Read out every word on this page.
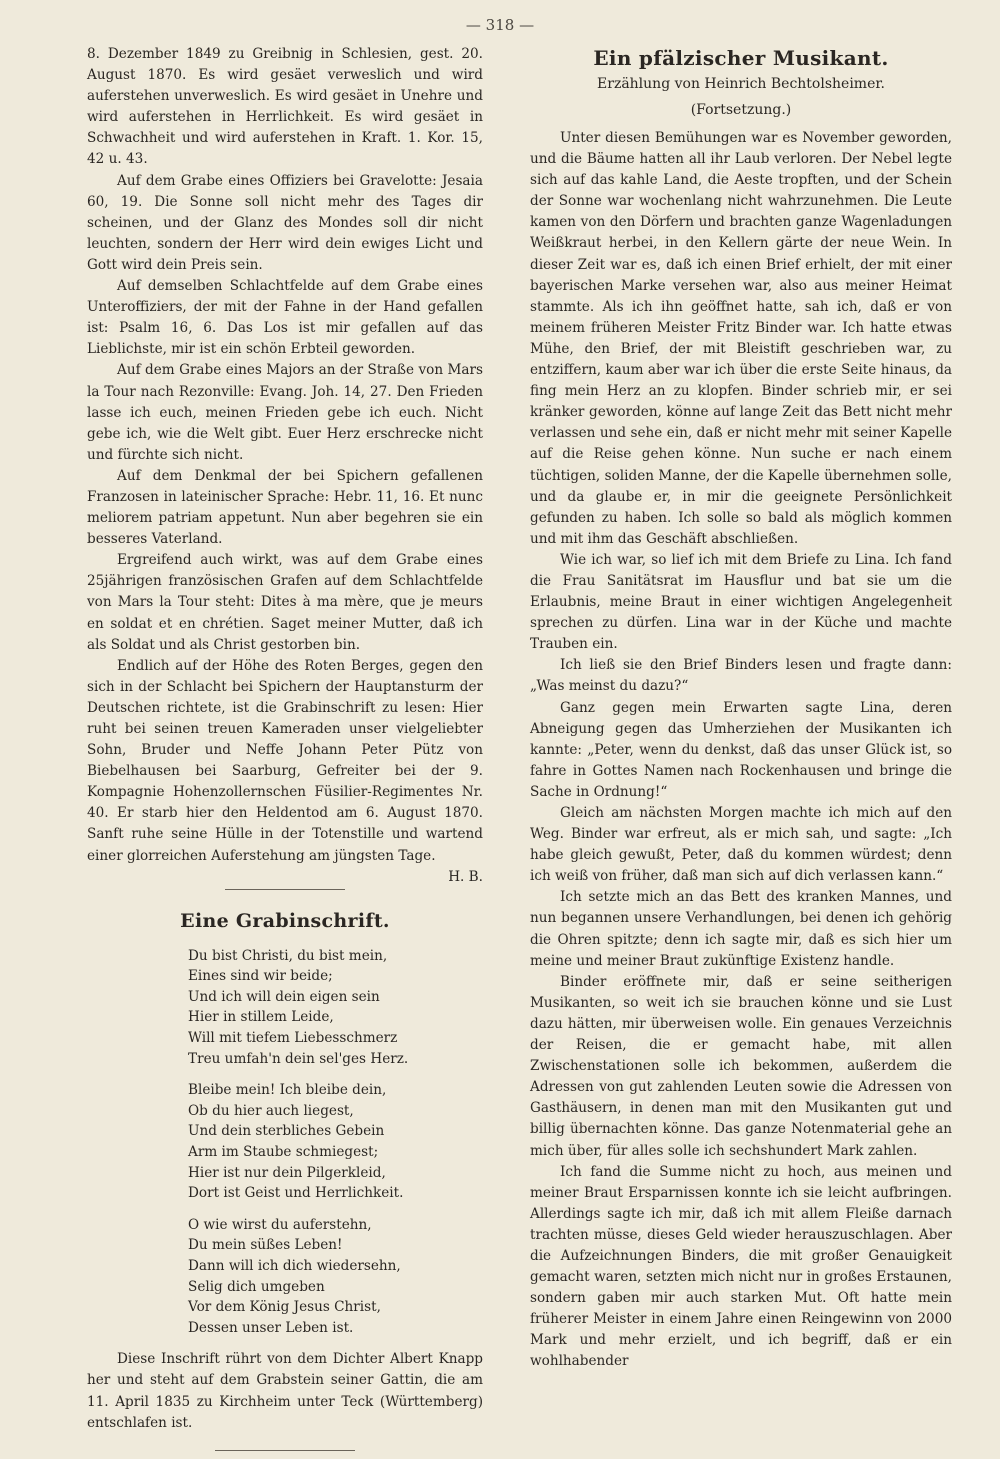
— 318 —

8. Dezember 1849 zu Greibnig in Schlesien, gest. 20. August 1870. Es wird gesäet verweslich und wird auferstehen unverweslich. Es wird gesäet in Unehre und wird auferstehen in Herrlichkeit. Es wird gesäet in Schwachheit und wird auferstehen in Kraft. 1. Kor. 15, 42 u. 43.

Auf dem Grabe eines Offiziers bei Gravelotte: Jesaia 60, 19. Die Sonne soll nicht mehr des Tages dir scheinen, und der Glanz des Mondes soll dir nicht leuchten, sondern der Herr wird dein ewiges Licht und Gott wird dein Preis sein.

Auf demselben Schlachtfelde auf dem Grabe eines Unteroffiziers, der mit der Fahne in der Hand gefallen ist: Psalm 16, 6. Das Los ist mir gefallen auf das Lieblichste, mir ist ein schön Erbteil geworden.

Auf dem Grabe eines Majors an der Straße von Mars la Tour nach Rezonville: Evang. Joh. 14, 27. Den Frieden lasse ich euch, meinen Frieden gebe ich euch. Nicht gebe ich, wie die Welt gibt. Euer Herz erschrecke nicht und fürchte sich nicht.

Auf dem Denkmal der bei Spichern gefallenen Franzosen in lateinischer Sprache: Hebr. 11, 16. Et nunc meliorem patriam appetunt. Nun aber begehren sie ein besseres Vaterland.

Ergreifend auch wirkt, was auf dem Grabe eines 25jährigen französischen Grafen auf dem Schlachtfelde von Mars la Tour steht: Dites à ma mère, que je meurs en soldat et en chrétien. Saget meiner Mutter, daß ich als Soldat und als Christ gestorben bin.

Endlich auf der Höhe des Roten Berges, gegen den sich in der Schlacht bei Spichern der Hauptansturm der Deutschen richtete, ist die Grabinschrift zu lesen: Hier ruht bei seinen treuen Kameraden unser vielgeliebter Sohn, Bruder und Neffe Johann Peter Pütz von Biebelhausen bei Saarburg, Gefreiter bei der 9. Kompagnie Hohenzollernschen Füsilier-Regimentes Nr. 40. Er starb hier den Heldentod am 6. August 1870. Sanft ruhe seine Hülle in der Totenstille und wartend einer glorreichen Auferstehung am jüngsten Tage.
H. B.

Eine Grabinschrift.
Du bist Christi, du bist mein,
Eines sind wir beide;
Und ich will dein eigen sein
Hier in stillem Leide,
Will mit tiefem Liebesschmerz
Treu umfah'n dein sel'ges Herz.
Bleibe mein! Ich bleibe dein,
Ob du hier auch liegest,
Und dein sterbliches Gebein
Arm im Staube schmiegest;
Hier ist nur dein Pilgerkleid,
Dort ist Geist und Herrlichkeit.
O wie wirst du auferstehn,
Du mein süßes Leben!
Dann will ich dich wiedersehn,
Selig dich umgeben
Vor dem König Jesus Christ,
Dessen unser Leben ist.

Diese Inschrift rührt von dem Dichter Albert Knapp her und steht auf dem Grabstein seiner Gattin, die am 11. April 1835 zu Kirchheim unter Teck (Württemberg) entschlafen ist.

Ein pfälzischer Musikant.
Erzählung von Heinrich Bechtolsheimer.
(Fortsetzung.)

Unter diesen Bemühungen war es November geworden, und die Bäume hatten all ihr Laub verloren. Der Nebel legte sich auf das kahle Land, die Aeste tropften, und der Schein der Sonne war wochenlang nicht wahrzunehmen. Die Leute kamen von den Dörfern und brachten ganze Wagenladungen Weißkraut herbei, in den Kellern gärte der neue Wein. In dieser Zeit war es, daß ich einen Brief erhielt, der mit einer bayerischen Marke versehen war, also aus meiner Heimat stammte. Als ich ihn geöffnet hatte, sah ich, daß er von meinem früheren Meister Fritz Binder war. Ich hatte etwas Mühe, den Brief, der mit Bleistift geschrieben war, zu entziffern, kaum aber war ich über die erste Seite hinaus, da fing mein Herz an zu klopfen. Binder schrieb mir, er sei kränker geworden, könne auf lange Zeit das Bett nicht mehr verlassen und sehe ein, daß er nicht mehr mit seiner Kapelle auf die Reise gehen könne. Nun suche er nach einem tüchtigen, soliden Manne, der die Kapelle übernehmen solle, und da glaube er, in mir die geeignete Persönlichkeit gefunden zu haben. Ich solle so bald als möglich kommen und mit ihm das Geschäft abschließen.

Wie ich war, so lief ich mit dem Briefe zu Lina. Ich fand die Frau Sanitätsrat im Hausflur und bat sie um die Erlaubnis, meine Braut in einer wichtigen Angelegenheit sprechen zu dürfen. Lina war in der Küche und machte Trauben ein.

Ich ließ sie den Brief Binders lesen und fragte dann: „Was meinst du dazu?“

Ganz gegen mein Erwarten sagte Lina, deren Abneigung gegen das Umherziehen der Musikanten ich kannte: „Peter, wenn du denkst, daß das unser Glück ist, so fahre in Gottes Namen nach Rockenhausen und bringe die Sache in Ordnung!“

Gleich am nächsten Morgen machte ich mich auf den Weg. Binder war erfreut, als er mich sah, und sagte: „Ich habe gleich gewußt, Peter, daß du kommen würdest; denn ich weiß von früher, daß man sich auf dich verlassen kann.“

Ich setzte mich an das Bett des kranken Mannes, und nun begannen unsere Verhandlungen, bei denen ich gehörig die Ohren spitzte; denn ich sagte mir, daß es sich hier um meine und meiner Braut zukünftige Existenz handle.

Binder eröffnete mir, daß er seine seitherigen Musikanten, so weit ich sie brauchen könne und sie Lust dazu hätten, mir überweisen wolle. Ein genaues Verzeichnis der Reisen, die er gemacht habe, mit allen Zwischenstationen solle ich bekommen, außerdem die Adressen von gut zahlenden Leuten sowie die Adressen von Gasthäusern, in denen man mit den Musikanten gut und billig übernachten könne. Das ganze Notenmaterial gehe an mich über, für alles solle ich sechshundert Mark zahlen.

Ich fand die Summe nicht zu hoch, aus meinen und meiner Braut Ersparnissen konnte ich sie leicht aufbringen. Allerdings sagte ich mir, daß ich mit allem Fleiße darnach trachten müsse, dieses Geld wieder herauszuschlagen. Aber die Aufzeichnungen Binders, die mit großer Genauigkeit gemacht waren, setzten mich nicht nur in großes Erstaunen, sondern gaben mir auch starken Mut. Oft hatte mein früherer Meister in einem Jahre einen Reingewinn von 2000 Mark und mehr erzielt, und ich begriff, daß er ein wohlhabender
